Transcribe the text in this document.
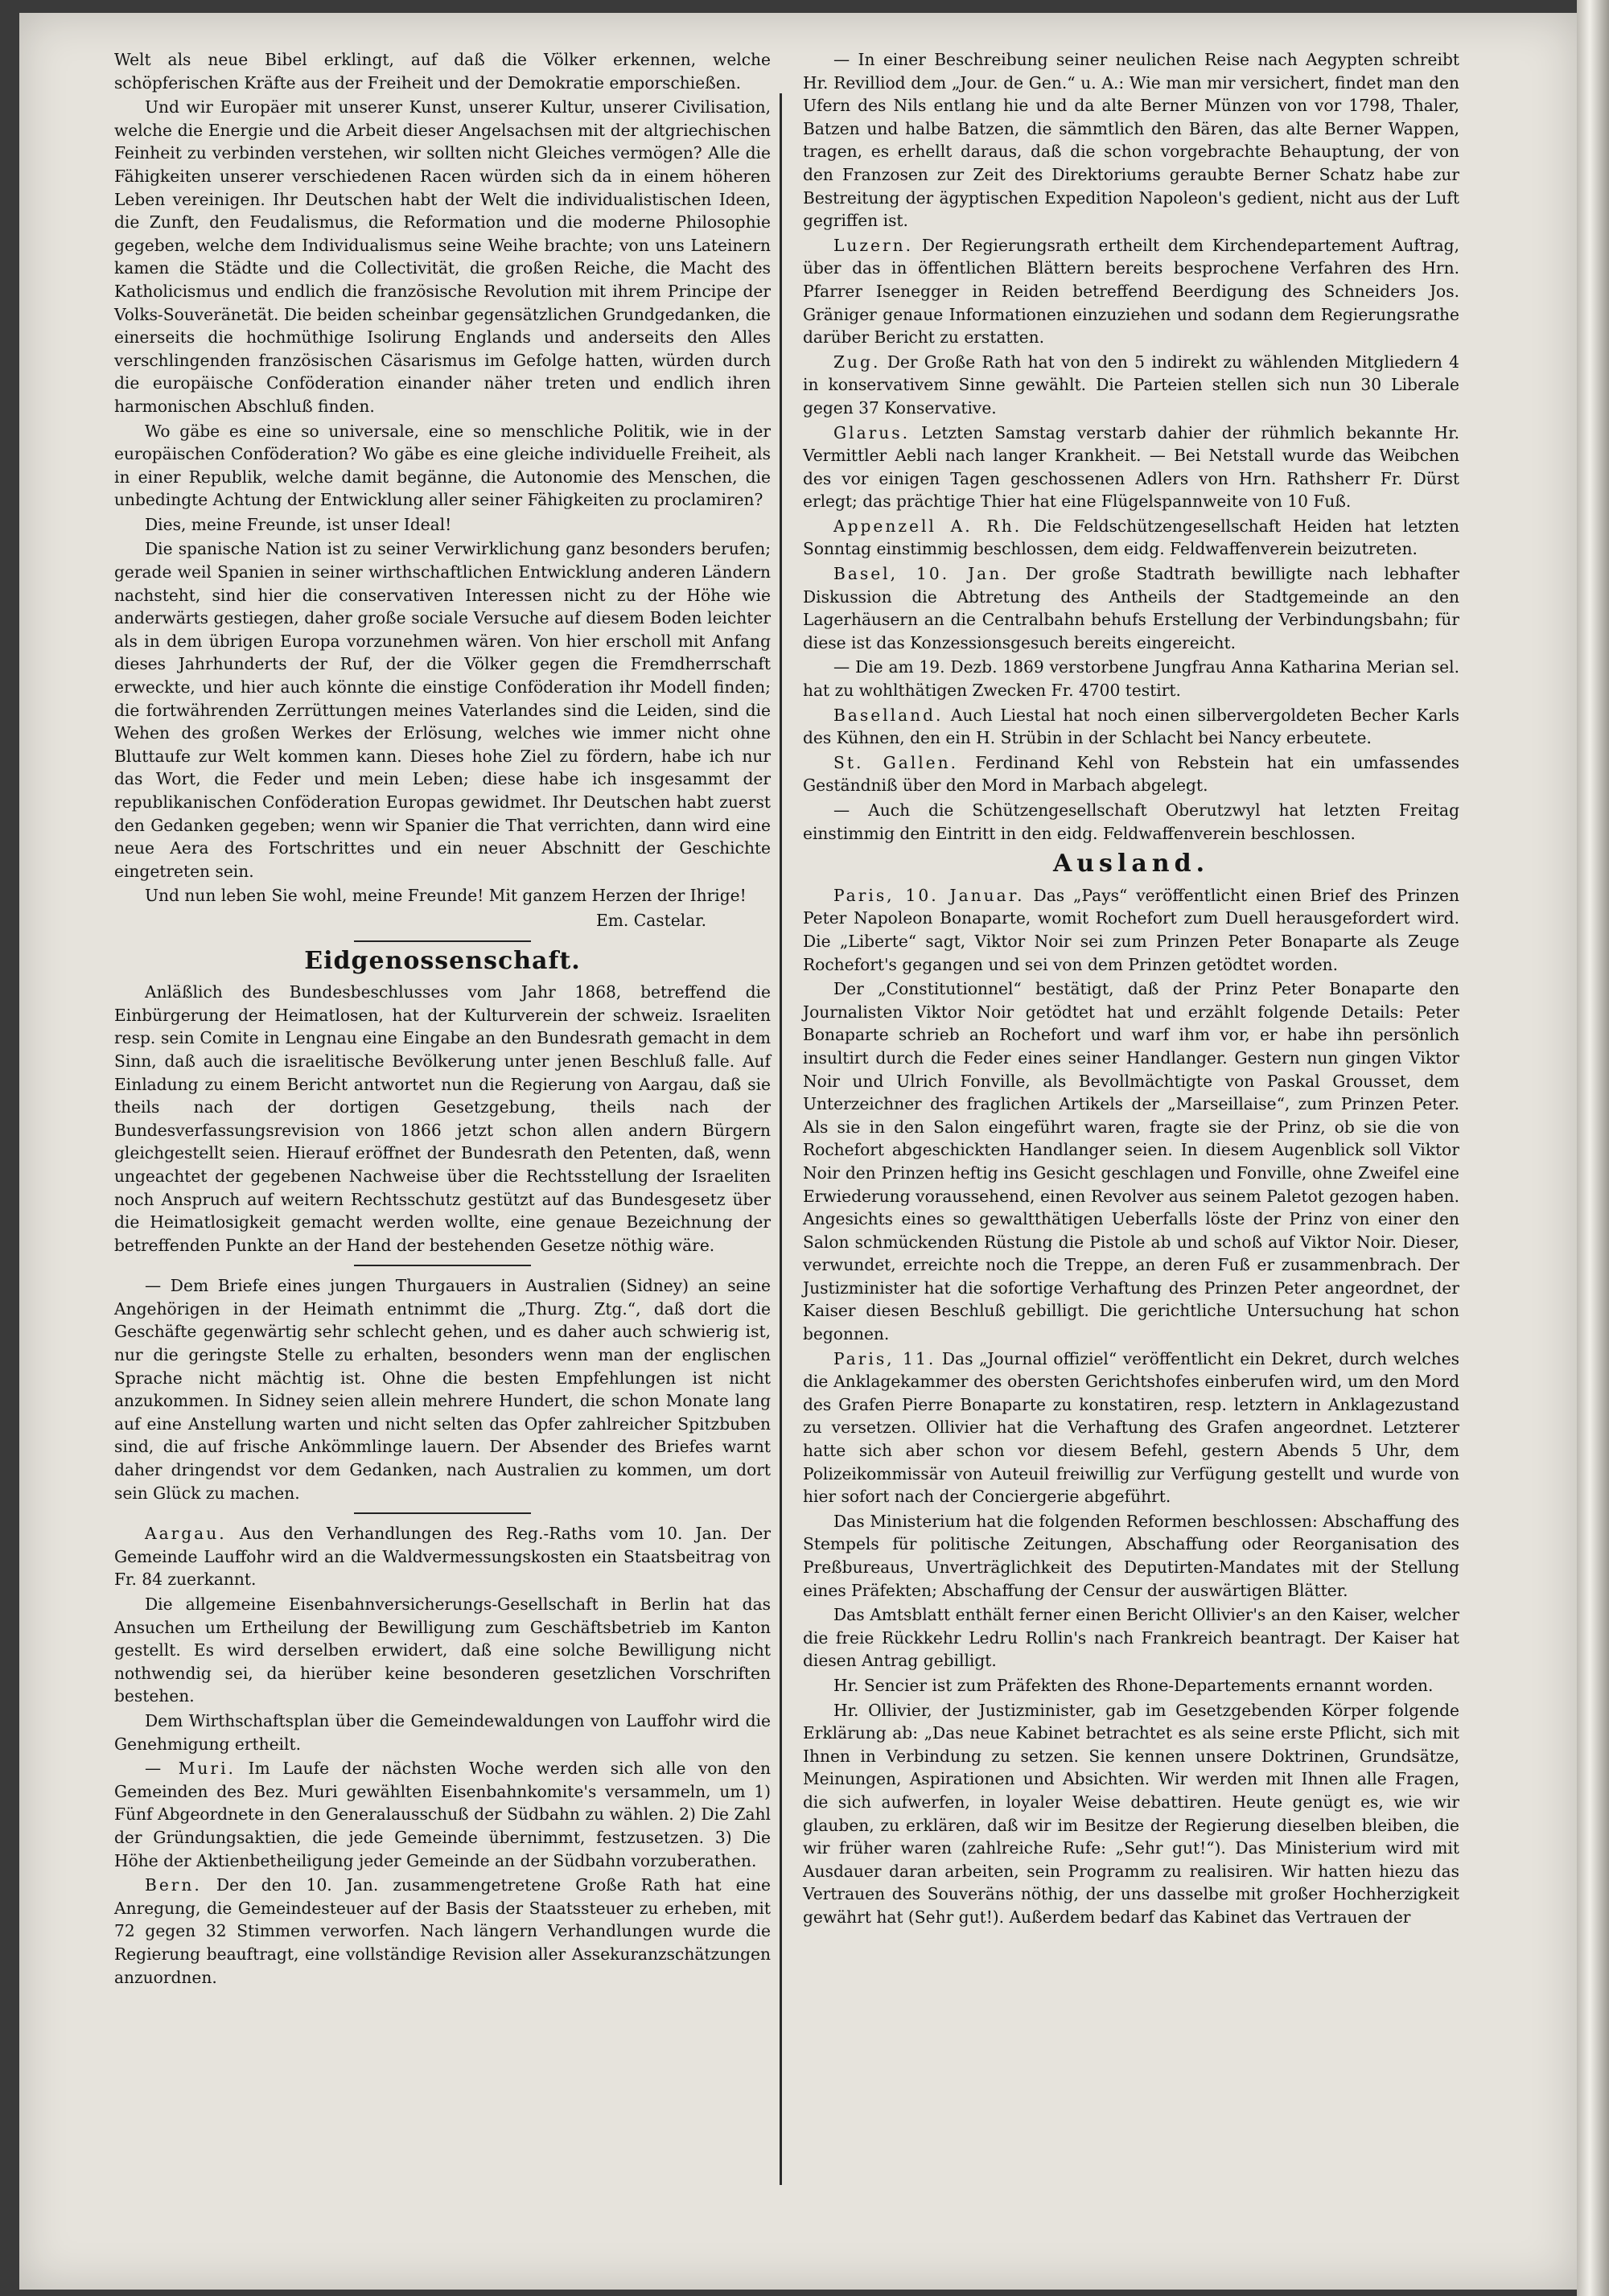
Welt als neue Bibel erklingt, auf daß die Völker erkennen, welche schöpferischen Kräfte aus der Freiheit und der Demokratie emporschießen.

Und wir Europäer mit unserer Kunst, unserer Kultur, unserer Civilisation, welche die Energie und die Arbeit dieser Angelsachsen mit der altgriechischen Feinheit zu verbinden verstehen, wir sollten nicht Gleiches vermögen? Alle die Fähigkeiten unserer verschiedenen Racen würden sich da in einem höheren Leben vereinigen. Ihr Deutschen habt der Welt die individualistischen Ideen, die Zunft, den Feudalismus, die Reformation und die moderne Philosophie gegeben, welche dem Individualismus seine Weihe brachte; von uns Lateinern kamen die Städte und die Collectivität, die großen Reiche, die Macht des Katholicismus und endlich die französische Revolution mit ihrem Principe der Volks-Souveränetät. Die beiden scheinbar gegensätzlichen Grundgedanken, die einerseits die hochmüthige Isolirung Englands und anderseits den Alles verschlingenden französischen Cäsarismus im Gefolge hatten, würden durch die europäische Conföderation einander näher treten und endlich ihren harmonischen Abschluß finden.

Wo gäbe es eine so universale, eine so menschliche Politik, wie in der europäischen Conföderation? Wo gäbe es eine gleiche individuelle Freiheit, als in einer Republik, welche damit begänne, die Autonomie des Menschen, die unbedingte Achtung der Entwicklung aller seiner Fähigkeiten zu proclamiren?

Dies, meine Freunde, ist unser Ideal!

Die spanische Nation ist zu seiner Verwirklichung ganz besonders berufen; gerade weil Spanien in seiner wirthschaftlichen Entwicklung anderen Ländern nachsteht, sind hier die conservativen Interessen nicht zu der Höhe wie anderwärts gestiegen, daher große sociale Versuche auf diesem Boden leichter als in dem übrigen Europa vorzunehmen wären. Von hier erscholl mit Anfang dieses Jahrhunderts der Ruf, der die Völker gegen die Fremdherrschaft erweckte, und hier auch könnte die einstige Conföderation ihr Modell finden; die fortwährenden Zerrüttungen meines Vaterlandes sind die Leiden, sind die Wehen des großen Werkes der Erlösung, welches wie immer nicht ohne Bluttaufe zur Welt kommen kann. Dieses hohe Ziel zu fördern, habe ich nur das Wort, die Feder und mein Leben; diese habe ich insgesammt der republikanischen Conföderation Europas gewidmet. Ihr Deutschen habt zuerst den Gedanken gegeben; wenn wir Spanier die That verrichten, dann wird eine neue Aera des Fortschrittes und ein neuer Abschnitt der Geschichte eingetreten sein.

Und nun leben Sie wohl, meine Freunde! Mit ganzem Herzen der Ihrige!

Em. Castelar.

Eidgenossenschaft.

Anläßlich des Bundesbeschlusses vom Jahr 1868, betreffend die Einbürgerung der Heimatlosen, hat der Kulturverein der schweiz. Israeliten resp. sein Comite in Lengnau eine Eingabe an den Bundesrath gemacht in dem Sinn, daß auch die israelitische Bevölkerung unter jenen Beschluß falle. Auf Einladung zu einem Bericht antwortet nun die Regierung von Aargau, daß sie theils nach der dortigen Gesetzgebung, theils nach der Bundesverfassungsrevision von 1866 jetzt schon allen andern Bürgern gleichgestellt seien. Hierauf eröffnet der Bundesrath den Petenten, daß, wenn ungeachtet der gegebenen Nachweise über die Rechtsstellung der Israeliten noch Anspruch auf weitern Rechtsschutz gestützt auf das Bundesgesetz über die Heimatlosigkeit gemacht werden wollte, eine genaue Bezeichnung der betreffenden Punkte an der Hand der bestehenden Gesetze nöthig wäre.

— Dem Briefe eines jungen Thurgauers in Australien (Sidney) an seine Angehörigen in der Heimath entnimmt die „Thurg. Ztg.“, daß dort die Geschäfte gegenwärtig sehr schlecht gehen, und es daher auch schwierig ist, nur die geringste Stelle zu erhalten, besonders wenn man der englischen Sprache nicht mächtig ist. Ohne die besten Empfehlungen ist nicht anzukommen. In Sidney seien allein mehrere Hundert, die schon Monate lang auf eine Anstellung warten und nicht selten das Opfer zahlreicher Spitzbuben sind, die auf frische Ankömmlinge lauern. Der Absender des Briefes warnt daher dringendst vor dem Gedanken, nach Australien zu kommen, um dort sein Glück zu machen.

Aargau. Aus den Verhandlungen des Reg.-Raths vom 10. Jan. Der Gemeinde Lauffohr wird an die Waldvermessungskosten ein Staatsbeitrag von Fr. 84 zuerkannt.

Die allgemeine Eisenbahnversicherungs-Gesellschaft in Berlin hat das Ansuchen um Ertheilung der Bewilligung zum Geschäftsbetrieb im Kanton gestellt. Es wird derselben erwidert, daß eine solche Bewilligung nicht nothwendig sei, da hierüber keine besonderen gesetzlichen Vorschriften bestehen.

Dem Wirthschaftsplan über die Gemeindewaldungen von Lauffohr wird die Genehmigung ertheilt.

— Muri. Im Laufe der nächsten Woche werden sich alle von den Gemeinden des Bez. Muri gewählten Eisenbahnkomite's versammeln, um 1) Fünf Abgeordnete in den Generalausschuß der Südbahn zu wählen. 2) Die Zahl der Gründungsaktien, die jede Gemeinde übernimmt, festzusetzen. 3) Die Höhe der Aktienbetheiligung jeder Gemeinde an der Südbahn vorzuberathen.

Bern. Der den 10. Jan. zusammengetretene Große Rath hat eine Anregung, die Gemeindesteuer auf der Basis der Staatssteuer zu erheben, mit 72 gegen 32 Stimmen verworfen. Nach längern Verhandlungen wurde die Regierung beauftragt, eine vollständige Revision aller Assekuranzschätzungen anzuordnen.

— In einer Beschreibung seiner neulichen Reise nach Aegypten schreibt Hr. Revilliod dem „Jour. de Gen.“ u. A.: Wie man mir versichert, findet man den Ufern des Nils entlang hie und da alte Berner Münzen von vor 1798, Thaler, Batzen und halbe Batzen, die sämmtlich den Bären, das alte Berner Wappen, tragen, es erhellt daraus, daß die schon vorgebrachte Behauptung, der von den Franzosen zur Zeit des Direktoriums geraubte Berner Schatz habe zur Bestreitung der ägyptischen Expedition Napoleon's gedient, nicht aus der Luft gegriffen ist.

Luzern. Der Regierungsrath ertheilt dem Kirchendepartement Auftrag, über das in öffentlichen Blättern bereits besprochene Verfahren des Hrn. Pfarrer Isenegger in Reiden betreffend Beerdigung des Schneiders Jos. Gräniger genaue Informationen einzuziehen und sodann dem Regierungsrathe darüber Bericht zu erstatten.

Zug. Der Große Rath hat von den 5 indirekt zu wählenden Mitgliedern 4 in konservativem Sinne gewählt. Die Parteien stellen sich nun 30 Liberale gegen 37 Konservative.

Glarus. Letzten Samstag verstarb dahier der rühmlich bekannte Hr. Vermittler Aebli nach langer Krankheit. — Bei Netstall wurde das Weibchen des vor einigen Tagen geschossenen Adlers von Hrn. Rathsherr Fr. Dürst erlegt; das prächtige Thier hat eine Flügelspannweite von 10 Fuß.

Appenzell A. Rh. Die Feldschützengesellschaft Heiden hat letzten Sonntag einstimmig beschlossen, dem eidg. Feldwaffenverein beizutreten.

Basel, 10. Jan. Der große Stadtrath bewilligte nach lebhafter Diskussion die Abtretung des Antheils der Stadtgemeinde an den Lagerhäusern an die Centralbahn behufs Erstellung der Verbindungsbahn; für diese ist das Konzessionsgesuch bereits eingereicht.

— Die am 19. Dezb. 1869 verstorbene Jungfrau Anna Katharina Merian sel. hat zu wohlthätigen Zwecken Fr. 4700 testirt.

Baselland. Auch Liestal hat noch einen silbervergoldeten Becher Karls des Kühnen, den ein H. Strübin in der Schlacht bei Nancy erbeutete.

St. Gallen. Ferdinand Kehl von Rebstein hat ein umfassendes Geständniß über den Mord in Marbach abgelegt.

— Auch die Schützengesellschaft Oberutzwyl hat letzten Freitag einstimmig den Eintritt in den eidg. Feldwaffenverein beschlossen.

Ausland.

Paris, 10. Januar. Das „Pays“ veröffentlicht einen Brief des Prinzen Peter Napoleon Bonaparte, womit Rochefort zum Duell herausgefordert wird. Die „Liberte“ sagt, Viktor Noir sei zum Prinzen Peter Bonaparte als Zeuge Rochefort's gegangen und sei von dem Prinzen getödtet worden.

Der „Constitutionnel“ bestätigt, daß der Prinz Peter Bonaparte den Journalisten Viktor Noir getödtet hat und erzählt folgende Details: Peter Bonaparte schrieb an Rochefort und warf ihm vor, er habe ihn persönlich insultirt durch die Feder eines seiner Handlanger. Gestern nun gingen Viktor Noir und Ulrich Fonville, als Bevollmächtigte von Paskal Grousset, dem Unterzeichner des fraglichen Artikels der „Marseillaise“, zum Prinzen Peter. Als sie in den Salon eingeführt waren, fragte sie der Prinz, ob sie die von Rochefort abgeschickten Handlanger seien. In diesem Augenblick soll Viktor Noir den Prinzen heftig ins Gesicht geschlagen und Fonville, ohne Zweifel eine Erwiederung voraussehend, einen Revolver aus seinem Paletot gezogen haben. Angesichts eines so gewaltthätigen Ueberfalls löste der Prinz von einer den Salon schmückenden Rüstung die Pistole ab und schoß auf Viktor Noir. Dieser, verwundet, erreichte noch die Treppe, an deren Fuß er zusammenbrach. Der Justizminister hat die sofortige Verhaftung des Prinzen Peter angeordnet, der Kaiser diesen Beschluß gebilligt. Die gerichtliche Untersuchung hat schon begonnen.

Paris, 11. Das „Journal offiziel“ veröffentlicht ein Dekret, durch welches die Anklagekammer des obersten Gerichtshofes einberufen wird, um den Mord des Grafen Pierre Bonaparte zu konstatiren, resp. letztern in Anklagezustand zu versetzen. Ollivier hat die Verhaftung des Grafen angeordnet. Letzterer hatte sich aber schon vor diesem Befehl, gestern Abends 5 Uhr, dem Polizeikommissär von Auteuil freiwillig zur Verfügung gestellt und wurde von hier sofort nach der Conciergerie abgeführt.

Das Ministerium hat die folgenden Reformen beschlossen: Abschaffung des Stempels für politische Zeitungen, Abschaffung oder Reorganisation des Preßbureaus, Unverträglichkeit des Deputirten-Mandates mit der Stellung eines Präfekten; Abschaffung der Censur der auswärtigen Blätter.

Das Amtsblatt enthält ferner einen Bericht Ollivier's an den Kaiser, welcher die freie Rückkehr Ledru Rollin's nach Frankreich beantragt. Der Kaiser hat diesen Antrag gebilligt.

Hr. Sencier ist zum Präfekten des Rhone-Departements ernannt worden.

Hr. Ollivier, der Justizminister, gab im Gesetzgebenden Körper folgende Erklärung ab: „Das neue Kabinet betrachtet es als seine erste Pflicht, sich mit Ihnen in Verbindung zu setzen. Sie kennen unsere Doktrinen, Grundsätze, Meinungen, Aspirationen und Absichten. Wir werden mit Ihnen alle Fragen, die sich aufwerfen, in loyaler Weise debattiren. Heute genügt es, wie wir glauben, zu erklären, daß wir im Besitze der Regierung dieselben bleiben, die wir früher waren (zahlreiche Rufe: „Sehr gut!“). Das Ministerium wird mit Ausdauer daran arbeiten, sein Programm zu realisiren. Wir hatten hiezu das Vertrauen des Souveräns nöthig, der uns dasselbe mit großer Hochherzigkeit gewährt hat (Sehr gut!). Außerdem bedarf das Kabinet das Vertrauen der
